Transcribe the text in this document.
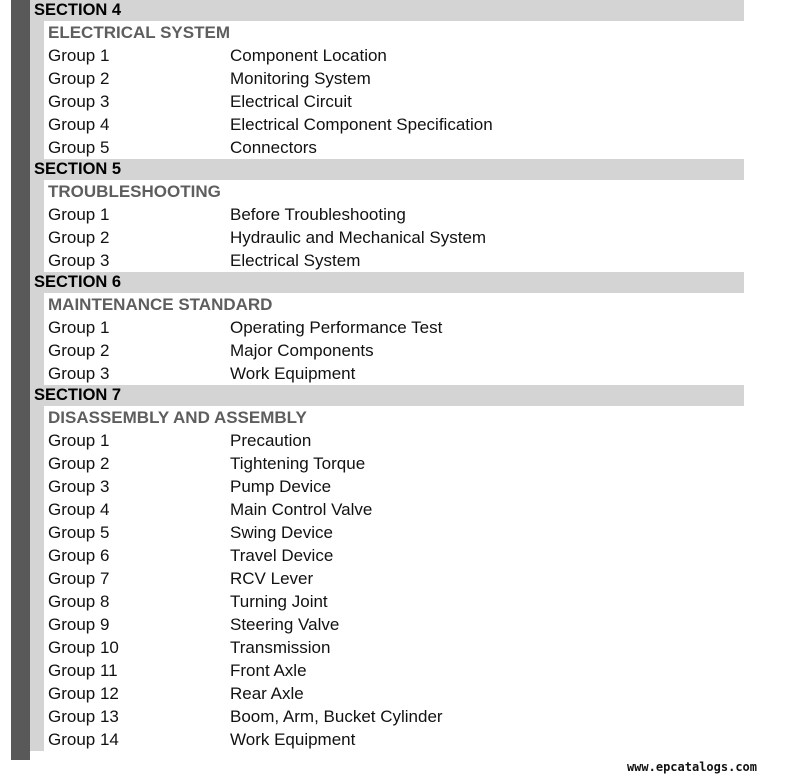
SECTION 4
ELECTRICAL SYSTEM
Group 1	Component Location
Group 2	Monitoring System
Group 3	Electrical Circuit
Group 4	Electrical Component Specification
Group 5	Connectors
SECTION 5
TROUBLESHOOTING
Group 1	Before Troubleshooting
Group 2	Hydraulic and Mechanical System
Group 3	Electrical System
SECTION 6
MAINTENANCE STANDARD
Group 1	Operating Performance Test
Group 2	Major Components
Group 3	Work Equipment
SECTION 7
DISASSEMBLY AND ASSEMBLY
Group 1	Precaution
Group 2	Tightening Torque
Group 3	Pump Device
Group 4	Main Control Valve
Group 5	Swing Device
Group 6	Travel Device
Group 7	RCV Lever
Group 8	Turning Joint
Group 9	Steering Valve
Group 10	Transmission
Group 11	Front Axle
Group 12	Rear Axle
Group 13	Boom, Arm, Bucket Cylinder
Group 14	Work Equipment
www.epcatalogs.com
